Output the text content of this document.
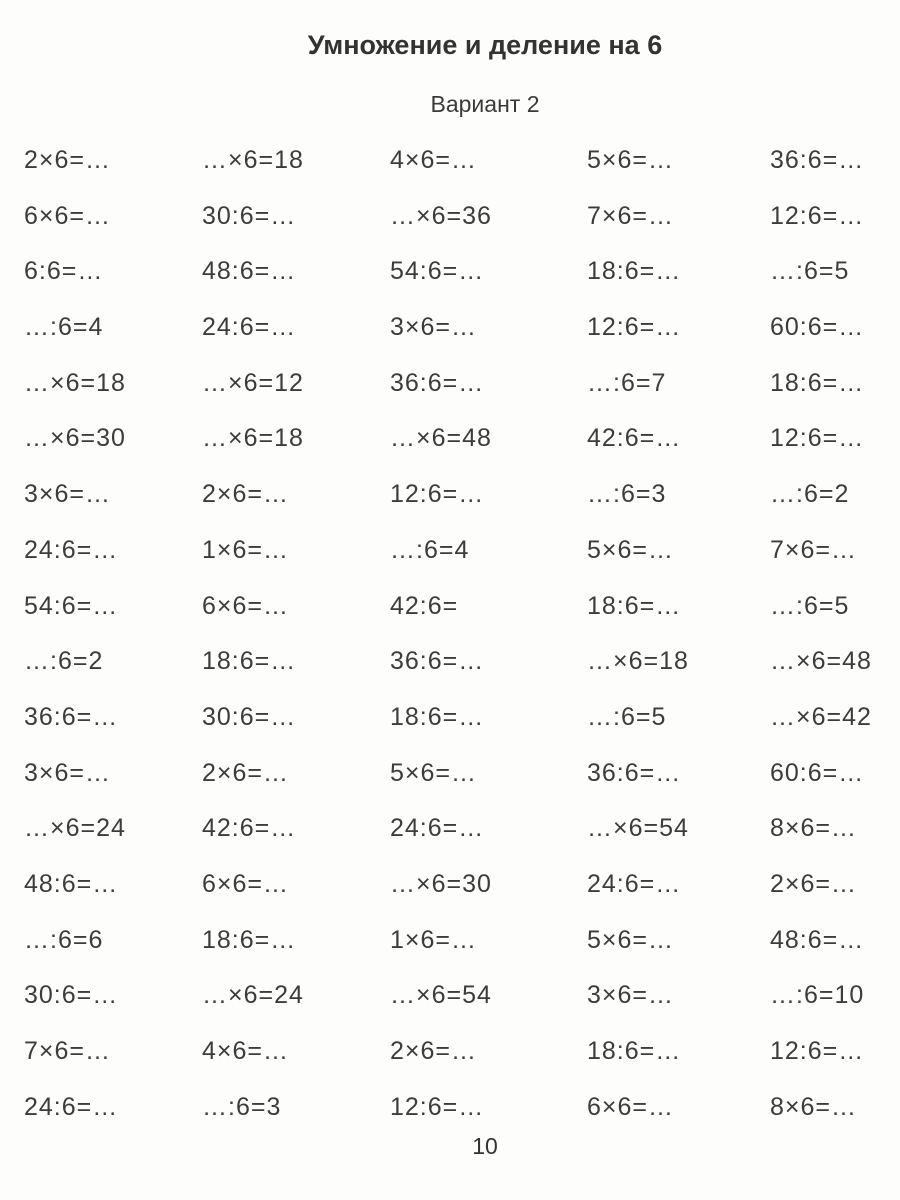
Умножение и деление на 6
Вариант 2
2×6=…	…×6=18	4×6=…	5×6=…	36:6=…
6×6=…	30:6=…	…×6=36	7×6=…	12:6=…
6:6=…	48:6=…	54:6=…	18:6=…	…:6=5
…:6=4	24:6=…	3×6=…	12:6=…	60:6=…
…×6=18	…×6=12	36:6=…	…:6=7	18:6=…
…×6=30	…×6=18	…×6=48	42:6=…	12:6=…
3×6=…	2×6=…	12:6=…	…:6=3	…:6=2
24:6=…	1×6=…	…:6=4	5×6=…	7×6=…
54:6=…	6×6=…	42:6=	18:6=…	…:6=5
…:6=2	18:6=…	36:6=…	…×6=18	…×6=48
36:6=…	30:6=…	18:6=…	…:6=5	…×6=42
3×6=…	2×6=…	5×6=…	36:6=…	60:6=…
…×6=24	42:6=…	24:6=…	…×6=54	8×6=…
48:6=…	6×6=…	…×6=30	24:6=…	2×6=…
…:6=6	18:6=…	1×6=…	5×6=…	48:6=…
30:6=…	…×6=24	…×6=54	3×6=…	…:6=10
7×6=…	4×6=…	2×6=…	18:6=…	12:6=…
24:6=…	…:6=3	12:6=…	6×6=…	8×6=…
10
